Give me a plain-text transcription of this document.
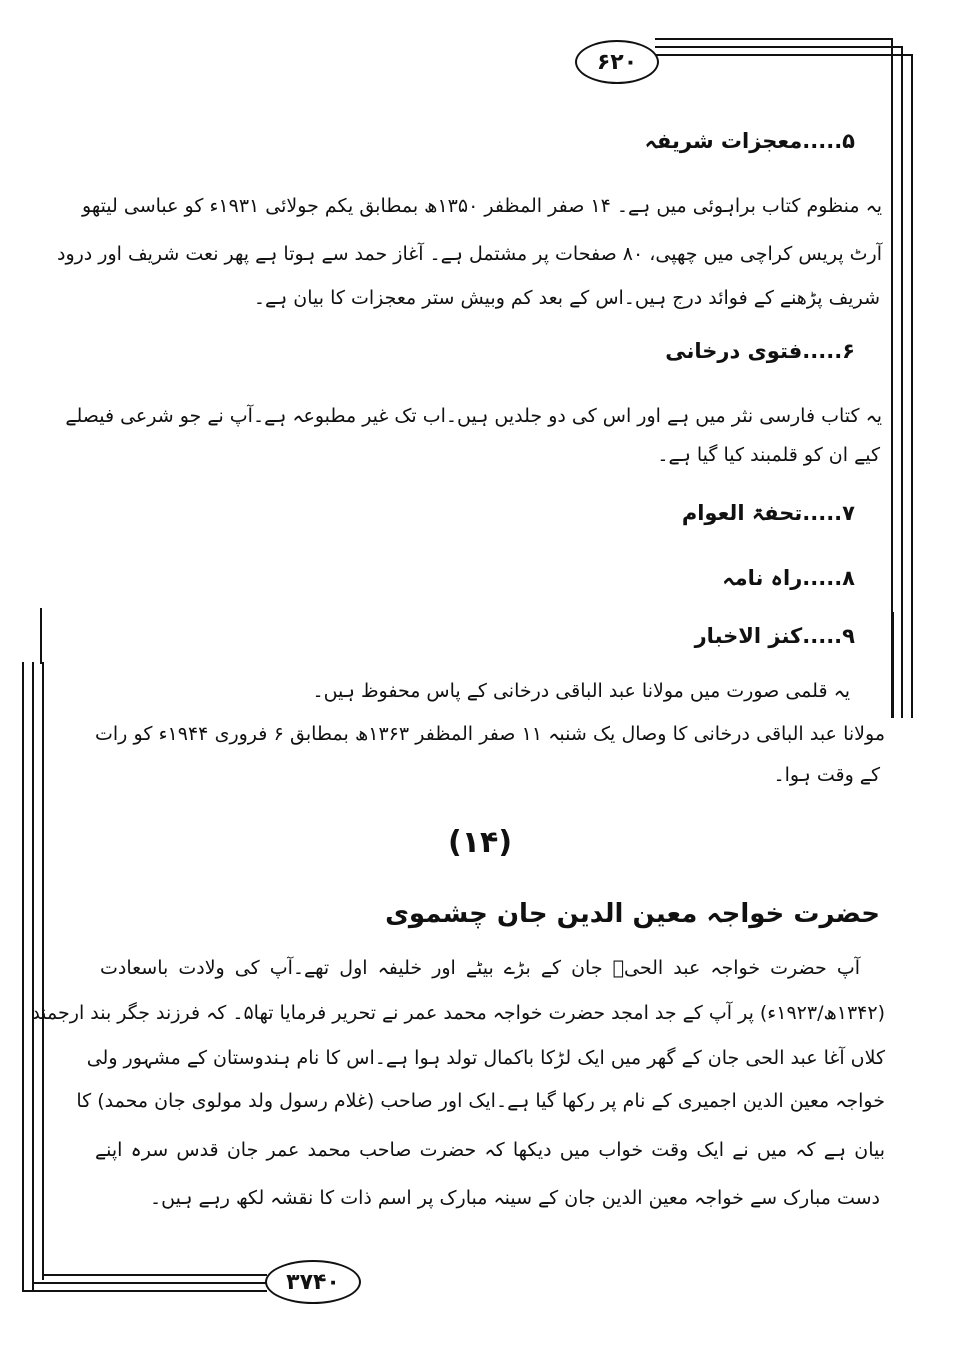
۶۲۰
۳۷۴۰
۵.....معجزات شریفہ
یہ منظوم کتاب براہوئی میں ہے۔ ۱۴ صفر المظفر ۱۳۵۰ھ بمطابق یکم جولائی ۱۹۳۱ء کو عباسی لیتھو
آرٹ پریس کراچی میں چھپی، ۸۰ صفحات پر مشتمل ہے۔ آغاز حمد سے ہوتا ہے پھر نعت شریف اور درود
شریف پڑھنے کے فوائد درج ہیں۔اس کے بعد کم وبیش ستر معجزات کا بیان ہے۔
۶.....فتوی درخانی
یہ کتاب فارسی نثر میں ہے اور اس کی دو جلدیں ہیں۔اب تک غیر مطبوعہ ہے۔آپ نے جو شرعی فیصلے
کیے ان کو قلمبند کیا گیا ہے۔
۷.....تحفۃ العوام
۸.....راہ نامہ
۹.....کنز الاخبار
یہ قلمی صورت میں مولانا عبد الباقی درخانی کے پاس محفوظ ہیں۔
مولانا عبد الباقی درخانی کا وصال یک شنبہ ۱۱ صفر المظفر ۱۳۶۳ھ بمطابق ۶ فروری ۱۹۴۴ء کو رات
کے وقت ہوا۔
(۱۴)
حضرت خواجہ معین الدین جان چشموی
آپ حضرت خواجہ عبد الحیؒ جان کے بڑے بیٹے اور خلیفہ اول تھے۔آپ کی ولادت باسعادت
(۱۳۴۲ھ/۱۹۲۳ء) پر آپ کے جد امجد حضرت خواجہ محمد عمر نے تحریر فرمایا تھا۵۔ کہ فرزند جگر بند ارجمند
کلاں آغا عبد الحی جان کے گھر میں ایک لڑکا باکمال تولد ہوا ہے۔اس کا نام ہندوستان کے مشہور ولی
خواجہ معین الدین اجمیری کے نام پر رکھا گیا ہے۔ایک اور صاحب (غلام رسول ولد مولوی جان محمد) کا
بیان ہے کہ میں نے ایک وقت خواب میں دیکھا کہ حضرت صاحب محمد عمر جان قدس سرہ اپنے
دست مبارک سے خواجہ معین الدین جان کے سینہ مبارک پر اسم ذات کا نقشہ لکھ رہے ہیں۔
